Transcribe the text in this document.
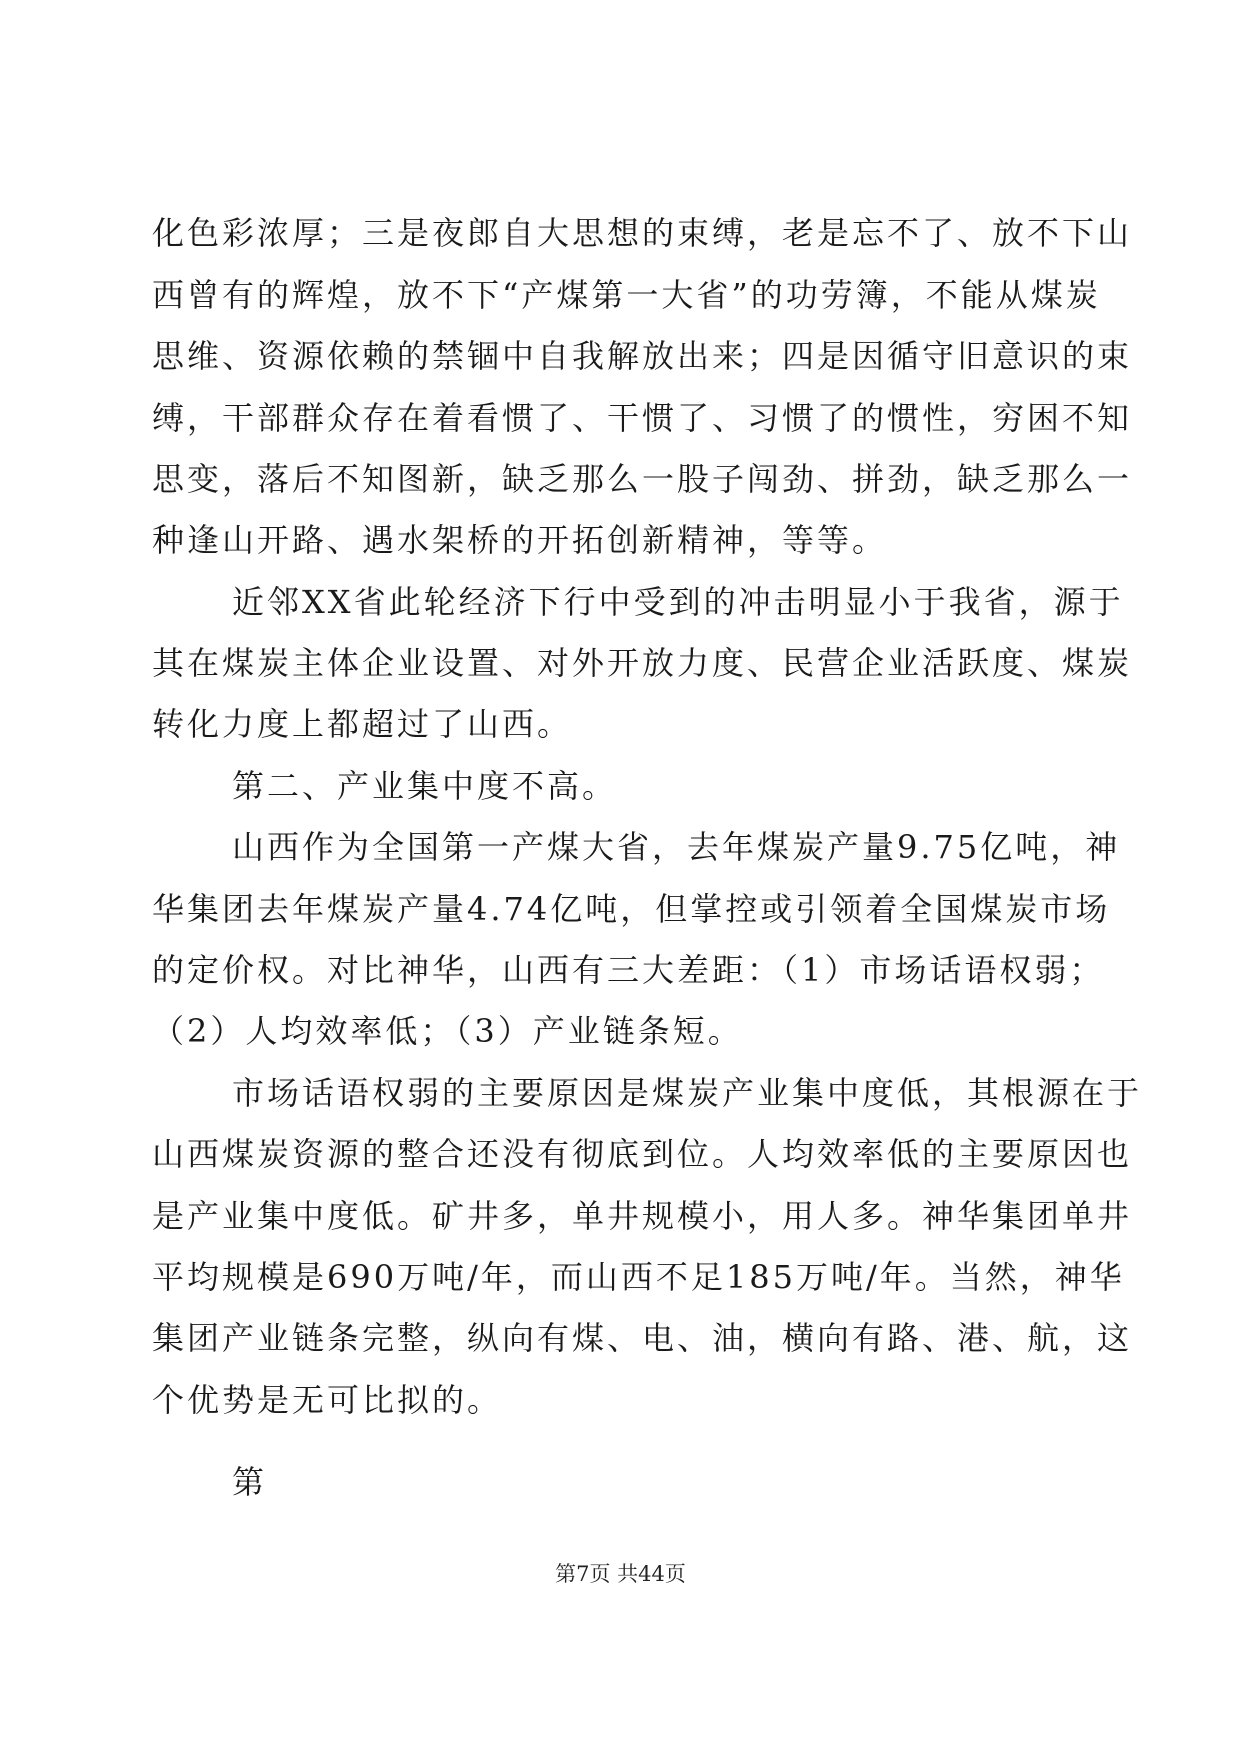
化色彩浓厚；三是夜郎自大思想的束缚，老是忘不了、放不下山
西曾有的辉煌，放不下“产煤第一大省”的功劳簿，不能从煤炭
思维、资源依赖的禁锢中自我解放出来；四是因循守旧意识的束
缚，干部群众存在着看惯了、干惯了、习惯了的惯性，穷困不知
思变，落后不知图新，缺乏那么一股子闯劲、拼劲，缺乏那么一
种逢山开路、遇水架桥的开拓创新精神，等等。
近邻XX省此轮经济下行中受到的冲击明显小于我省，源于
其在煤炭主体企业设置、对外开放力度、民营企业活跃度、煤炭
转化力度上都超过了山西。
第二、产业集中度不高。
山西作为全国第一产煤大省，去年煤炭产量9.75亿吨，神
华集团去年煤炭产量4.74亿吨，但掌控或引领着全国煤炭市场
的定价权。对比神华，山西有三大差距：（1）市场话语权弱；
（2）人均效率低；（3）产业链条短。
市场话语权弱的主要原因是煤炭产业集中度低，其根源在于
山西煤炭资源的整合还没有彻底到位。人均效率低的主要原因也
是产业集中度低。矿井多，单井规模小，用人多。神华集团单井
平均规模是690万吨/年，而山西不足185万吨/年。当然，神华
集团产业链条完整，纵向有煤、电、油，横向有路、港、航，这
个优势是无可比拟的。
第
第7页 共44页
